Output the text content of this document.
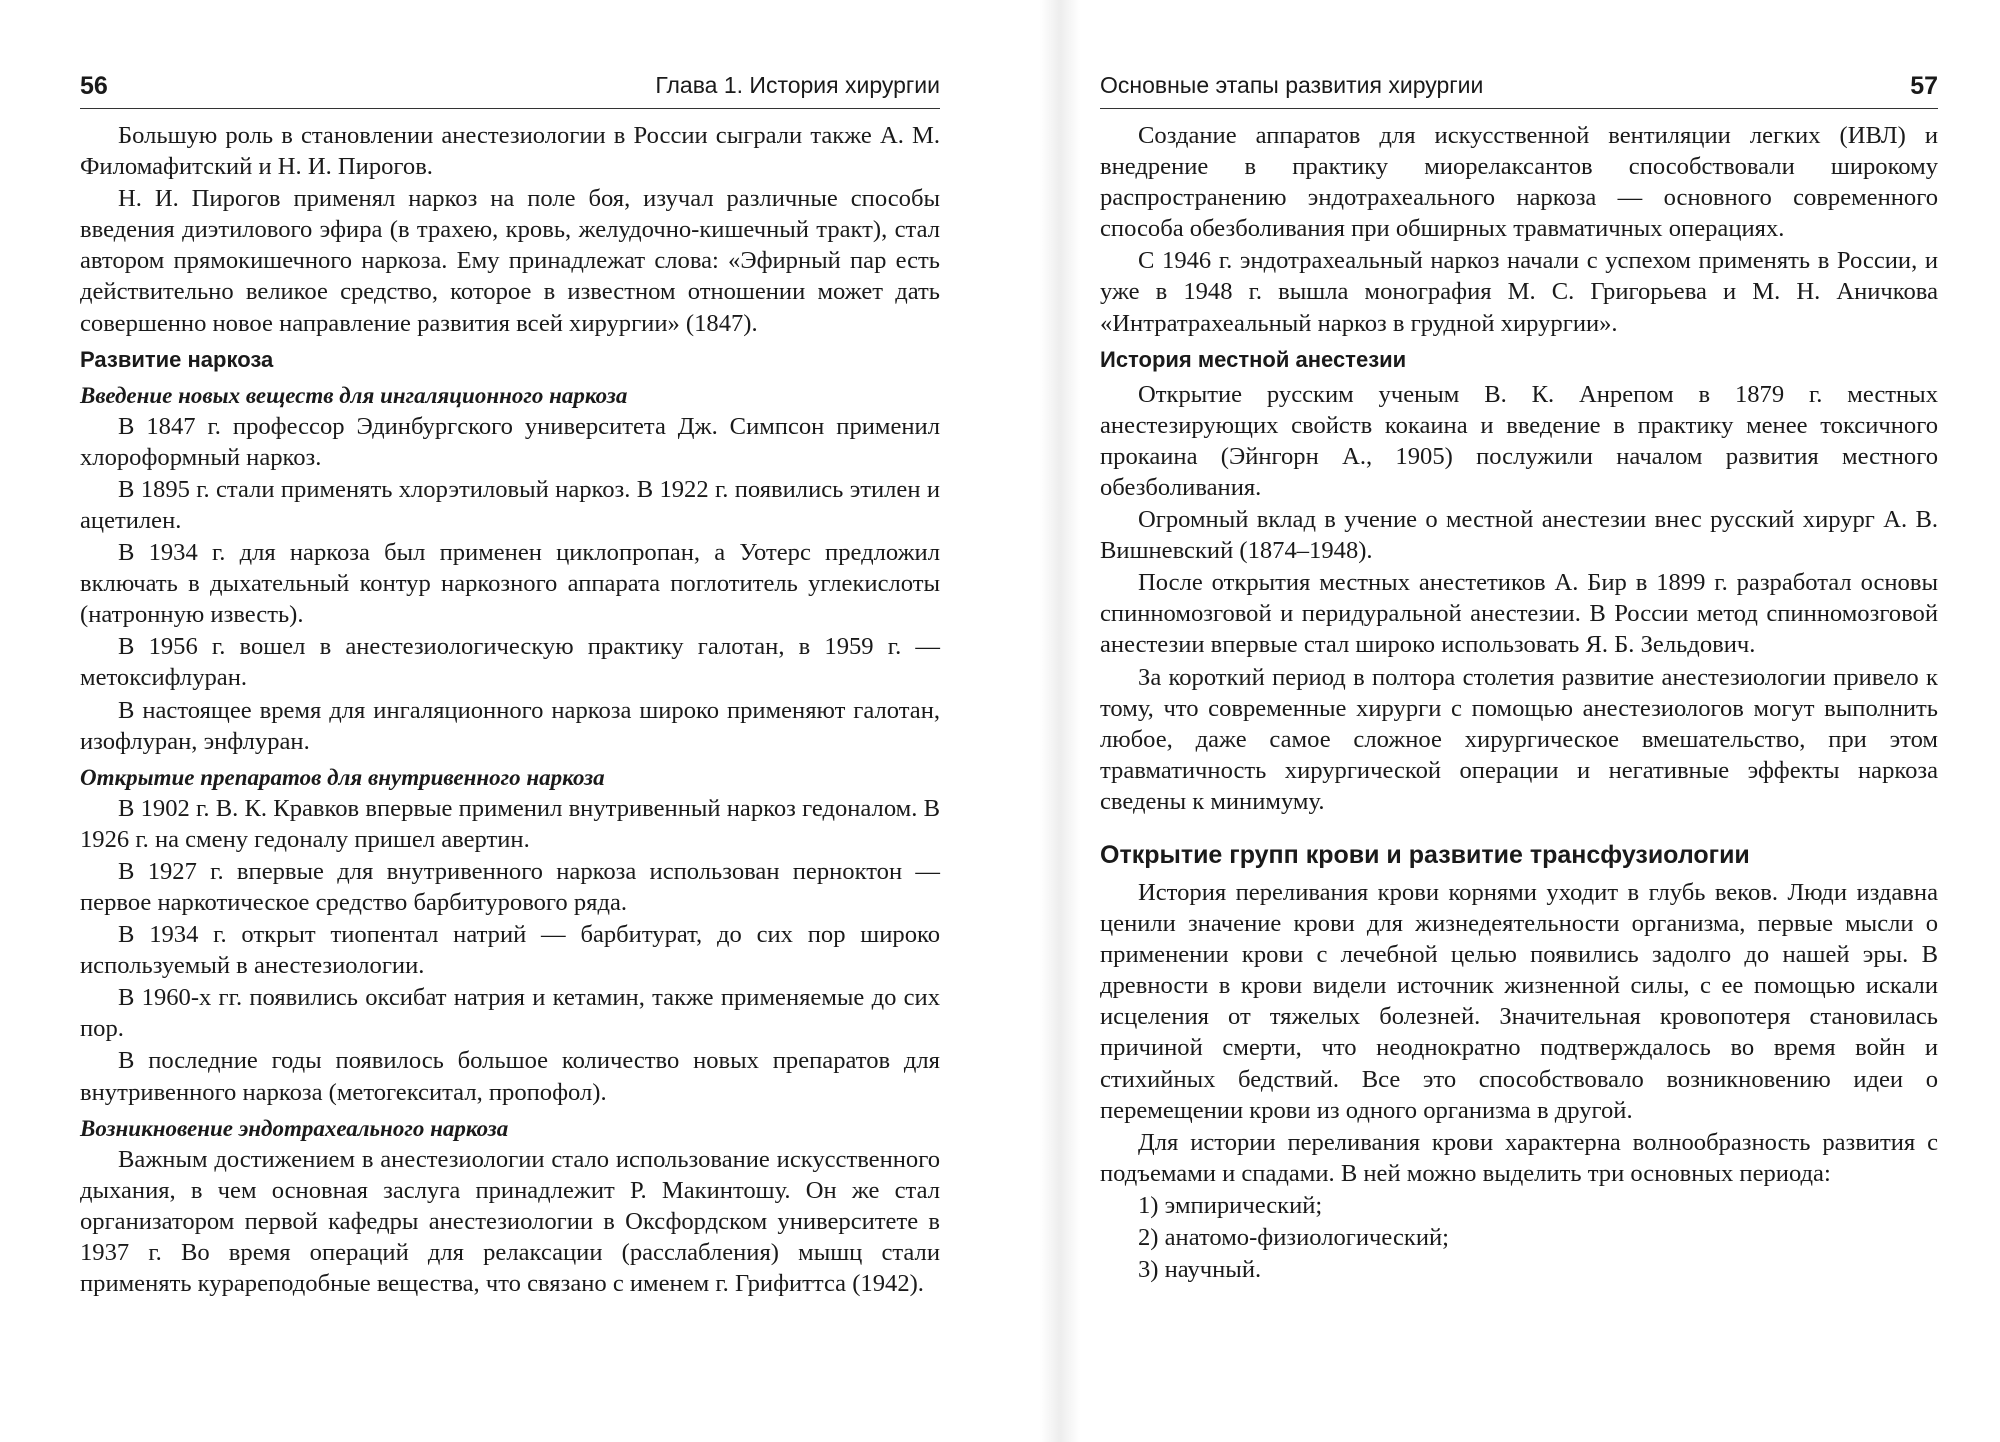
56	Глава 1. История хирургии

Большую роль в становлении анестезиологии в России сыграли также А. М. Филомафитский и Н. И. Пирогов.

Н. И. Пирогов применял наркоз на поле боя, изучал различные способы введения диэтилового эфира (в трахею, кровь, желудочно-кишечный тракт), стал автором прямокишечного наркоза. Ему принадлежат слова: «Эфирный пар есть действительно великое средство, которое в известном отношении может дать совершенно новое направление развития всей хирургии» (1847).

Развитие наркоза
Введение новых веществ для ингаляционного наркоза

В 1847 г. профессор Эдинбургского университета Дж. Симпсон применил хлороформный наркоз.

В 1895 г. стали применять хлорэтиловый наркоз. В 1922 г. появились этилен и ацетилен.

В 1934 г. для наркоза был применен циклопропан, а Уотерс предложил включать в дыхательный контур наркозного аппарата поглотитель углекислоты (натронную известь).

В 1956 г. вошел в анестезиологическую практику галотан, в 1959 г. — метоксифлуран.

В настоящее время для ингаляционного наркоза широко применяют галотан, изофлуран, энфлуран.

Открытие препаратов для внутривенного наркоза

В 1902 г. В. К. Кравков впервые применил внутривенный наркоз гедоналом. В 1926 г. на смену гедоналу пришел авертин.

В 1927 г. впервые для внутривенного наркоза использован пернoктон — первое наркотическое средство барбитурового ряда.

В 1934 г. открыт тиопентал натрий — барбитурат, до сих пор широко используемый в анестезиологии.

В 1960-х гг. появились оксибат натрия и кетамин, также применяемые до сих пор.

В последние годы появилось большое количество новых препаратов для внутривенного наркоза (метогекситал, пропофол).

Возникновение эндотрахеального наркоза

Важным достижением в анестезиологии стало использование искусственного дыхания, в чем основная заслуга принадлежит Р. Макинтошу. Он же стал организатором первой кафедры анестезиологии в Оксфордском университете в 1937 г. Во время операций для релаксации (расслабления) мышц стали применять курареподобные вещества, что связано с именем г. Грифиттса (1942).

Основные этапы развития хирургии	57

Создание аппаратов для искусственной вентиляции легких (ИВЛ) и внедрение в практику миорелаксантов способствовали широкому распространению эндотрахеального наркоза — основного современного способа обезболивания при обширных травматичных операциях.

С 1946 г. эндотрахеальный наркоз начали с успехом применять в России, и уже в 1948 г. вышла монография М. С. Григорьева и М. Н. Аничкова «Интратрахеальный наркоз в грудной хирургии».

История местной анестезии

Открытие русским ученым В. К. Анрепом в 1879 г. местных анестезирующих свойств кокаина и введение в практику менее токсичного прокаина (Эйнгорн А., 1905) послужили началом развития местного обезболивания.

Огромный вклад в учение о местной анестезии внес русский хирург А. В. Вишневский (1874–1948).

После открытия местных анестетиков А. Бир в 1899 г. разработал основы спинномозговой и перидуральной анестезии. В России метод спинномозговой анестезии впервые стал широко использовать Я. Б. Зельдович.

За короткий период в полтора столетия развитие анестезиологии привело к тому, что современные хирурги с помощью анестезиологов могут выполнить любое, даже самое сложное хирургическое вмешательство, при этом травматичность хирургической операции и негативные эффекты наркоза сведены к минимуму.

Открытие групп крови и развитие трансфузиологии

История переливания крови корнями уходит в глубь веков. Люди издавна ценили значение крови для жизнедеятельности организма, первые мысли о применении крови с лечебной целью появились задолго до нашей эры. В древности в крови видели источник жизненной силы, с ее помощью искали исцеления от тяжелых болезней. Значительная кровопотеря становилась причиной смерти, что неоднократно подтверждалось во время войн и стихийных бедствий. Все это способствовало возникновению идеи о перемещении крови из одного организма в другой.

Для истории переливания крови характерна волнообразность развития с подъемами и спадами. В ней можно выделить три основных периода:

1) эмпирический;

2) анатомо-физиологический;

3) научный.
